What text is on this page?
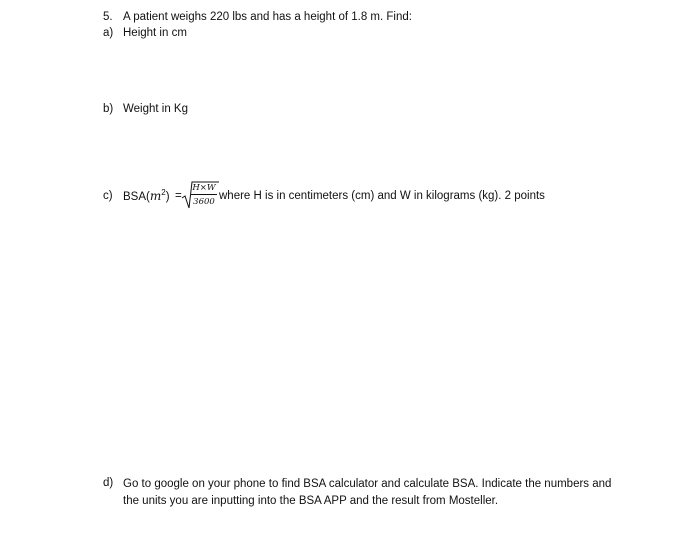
5. A patient weighs 220 lbs and has a height of 1.8 m. Find:
a) Height in cm
b) Weight in Kg
c) $BSA(m^2)$ =
H×W
3600 where H is in centimeters (cm) and W in kilograms (kg). 2 points
d) Go to google on your phone to find BSA calculator and calculate BSA. Indicate the numbers and the units you are inputting into the BSA APP and the result from Mosteller.
